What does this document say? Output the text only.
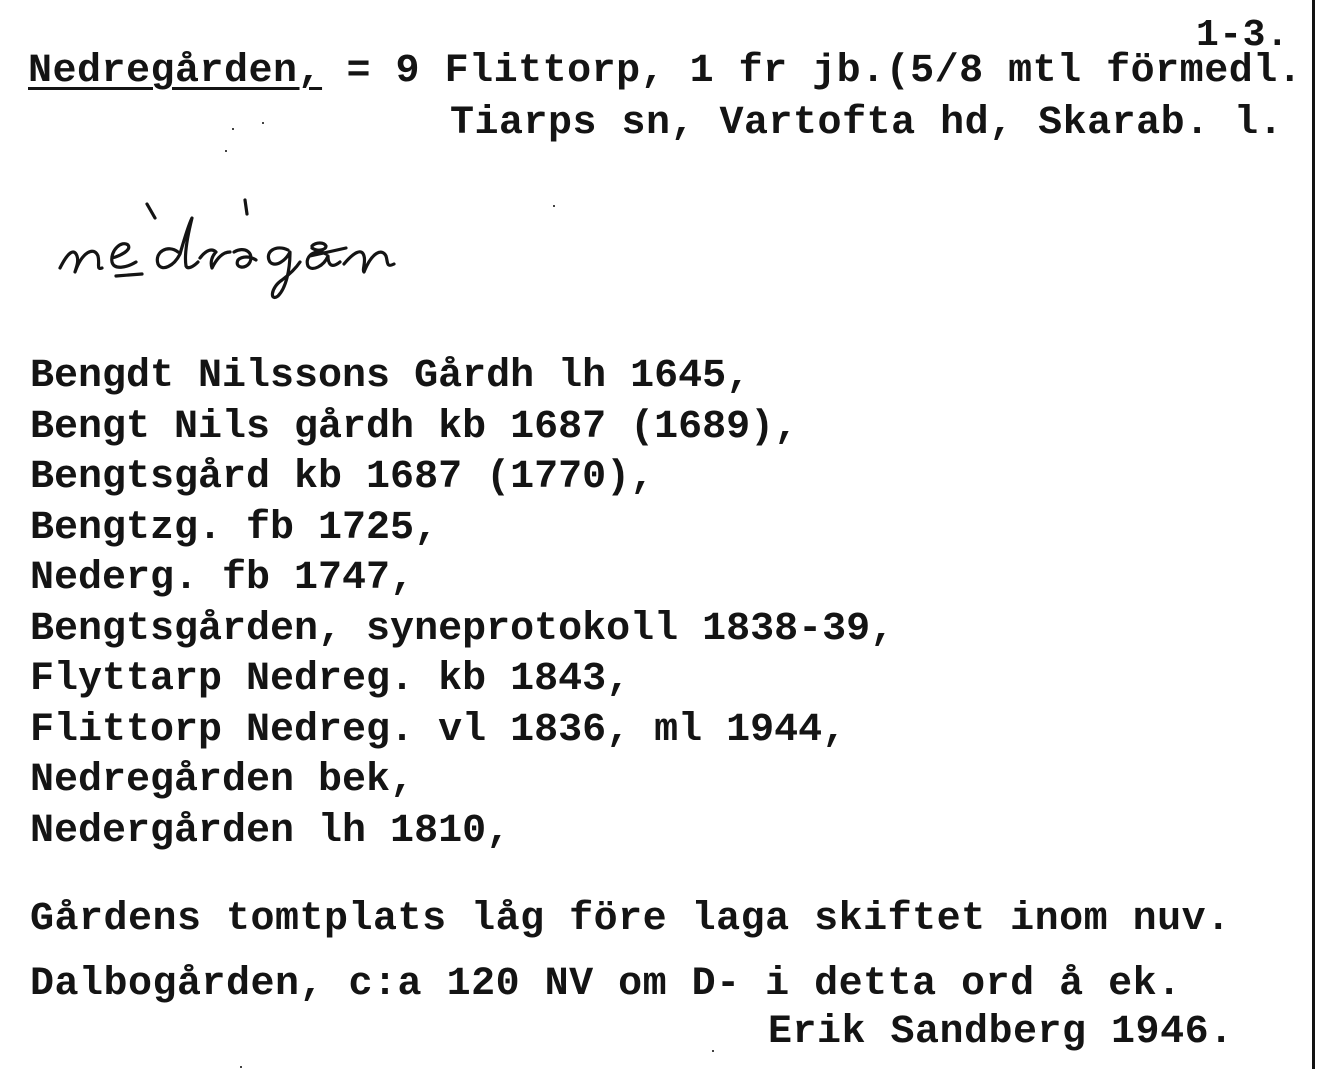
1-3.
Nedregården, = 9 Flittorp, 1 fr jb.(5/8 mtl förmedl.
Tiarps sn, Vartofta hd, Skarab. l.
Bengdt Nilssons Gårdh lh 1645,
Bengt Nils gårdh kb 1687 (1689),
Bengtsgård kb 1687 (1770),
Bengtzg. fb 1725,
Nederg. fb 1747,
Bengtsgården, syneprotokoll 1838-39,
Flyttarp Nedreg. kb 1843,
Flittorp Nedreg. vl 1836, ml 1944,
Nedregården bek,
Nedergården lh 1810,
Gårdens tomtplats låg före laga skiftet inom nuv.
Dalbogården, c:a 120 NV om D- i detta ord å ek.
Erik Sandberg 1946.
